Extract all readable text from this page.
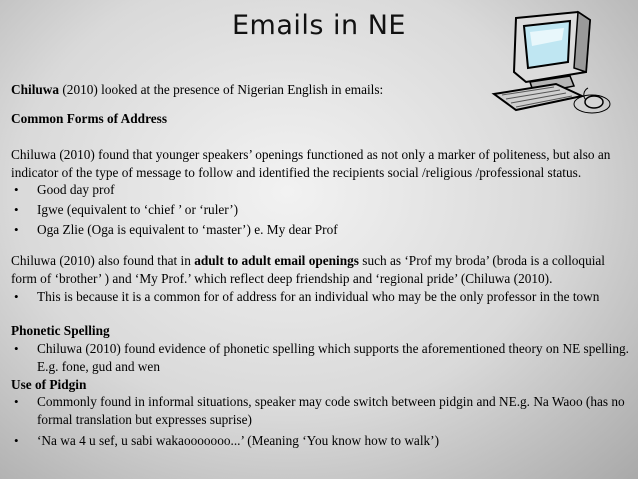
Emails in NE

Chiluwa (2010) looked at the presence of Nigerian English in emails:

Common Forms of Address

Chiluwa (2010) found that younger speakers’ openings functioned as not only a marker of politeness, but also an indicator of the type of message to follow and identified the recipients social /religious /professional status.

• Good day prof
• Igwe (equivalent to ‘chief ’ or ‘ruler’)
• Oga Zlie (Oga is equivalent to ‘master’) e. My dear Prof

Chiluwa (2010) also found that in adult to adult email openings such as ‘Prof my broda’ (broda is a colloquial form of ‘brother’ ) and ‘My Prof.’ which reflect deep friendship and ‘regional pride’ (Chiluwa (2010).

• This is because it is a common for of address for an individual who may be the only professor in the town

Phonetic Spelling

• Chiluwa (2010) found evidence of phonetic spelling which supports the aforementioned theory on NE spelling. E.g. fone, gud and wen

Use of Pidgin

• Commonly found in informal situations, speaker may code switch between pidgin and NE.g. Na Waoo (has no formal translation but expresses suprise)
• ‘Na wa 4 u sef, u sabi wakaooooooo...’ (Meaning ‘You know how to walk’)
